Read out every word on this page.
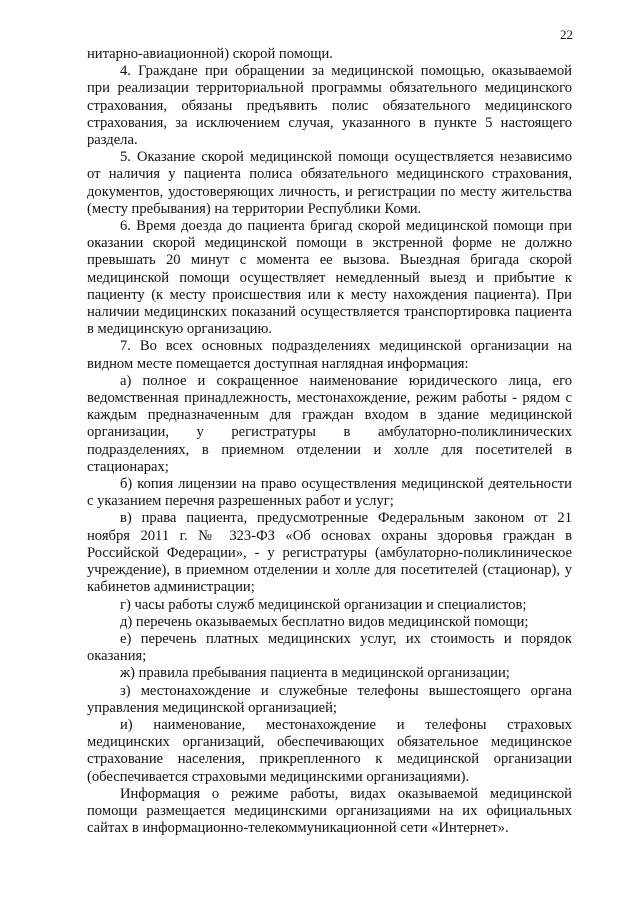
22

нитарно-авиационной) скорой помощи.

4. Граждане при обращении за медицинской помощью, оказываемой при реализации территориальной программы обязательного медицинского страхования, обязаны предъявить полис обязательного медицинского страхования, за исключением случая, указанного в пункте 5 настоящего раздела.

5. Оказание скорой медицинской помощи осуществляется независимо от наличия у пациента полиса обязательного медицинского страхования, документов, удостоверяющих личность, и регистрации по месту жительства (месту пребывания) на территории Республики Коми.

6. Время доезда до пациента бригад скорой медицинской помощи при оказании скорой медицинской помощи в экстренной форме не должно превышать 20 минут с момента ее вызова. Выездная бригада скорой медицинской помощи осуществляет немедленный выезд и прибытие к пациенту (к месту происшествия или к месту нахождения пациента). При наличии медицинских показаний осуществляется транспортировка пациента в медицинскую организацию.

7. Во всех основных подразделениях медицинской организации на видном месте помещается доступная наглядная информация:

а) полное и сокращенное наименование юридического лица, его ведомственная принадлежность, местонахождение, режим работы - рядом с каждым предназначенным для граждан входом в здание медицинской организации, у регистратуры в амбулаторно-поликлинических подразделениях, в приемном отделении и холле для посетителей в стационарах;

б) копия лицензии на право осуществления медицинской деятельности с указанием перечня разрешенных работ и услуг;

в) права пациента, предусмотренные Федеральным законом от 21 ноября 2011 г. № 323-ФЗ «Об основах охраны здоровья граждан в Российской Федерации», - у регистратуры (амбулаторно-поликлиническое учреждение), в приемном отделении и холле для посетителей (стационар), у кабинетов администрации;

г) часы работы служб медицинской организации и специалистов;

д) перечень оказываемых бесплатно видов медицинской помощи;

е) перечень платных медицинских услуг, их стоимость и порядок оказания;

ж) правила пребывания пациента в медицинской организации;

з) местонахождение и служебные телефоны вышестоящего органа управления медицинской организацией;

и) наименование, местонахождение и телефоны страховых медицинских организаций, обеспечивающих обязательное медицинское страхование населения, прикрепленного к медицинской организации (обеспечивается страховыми медицинскими организациями).

Информация о режиме работы, видах оказываемой медицинской помощи размещается медицинскими организациями на их официальных сайтах в информационно-телекоммуникационной сети «Интернет».
